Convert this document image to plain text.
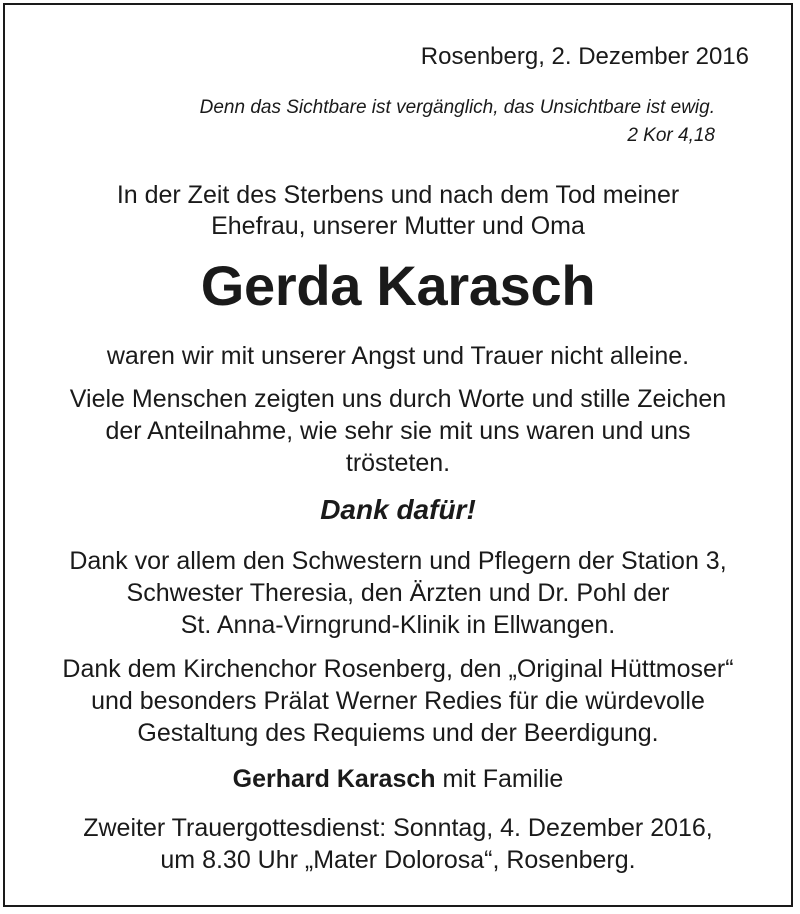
Rosenberg, 2. Dezember 2016
Denn das Sichtbare ist vergänglich, das Unsichtbare ist ewig.
2 Kor 4,18
In der Zeit des Sterbens und nach dem Tod meiner
Ehefrau, unserer Mutter und Oma
Gerda Karasch
waren wir mit unserer Angst und Trauer nicht alleine.
Viele Menschen zeigten uns durch Worte und stille Zeichen
der Anteilnahme, wie sehr sie mit uns waren und uns
trösteten.
Dank dafür!
Dank vor allem den Schwestern und Pflegern der Station 3,
Schwester Theresia, den Ärzten und Dr. Pohl der
St. Anna-Virngrund-Klinik in Ellwangen.
Dank dem Kirchenchor Rosenberg, den „Original Hüttmoser“
und besonders Prälat Werner Redies für die würdevolle
Gestaltung des Requiems und der Beerdigung.
Gerhard Karasch mit Familie
Zweiter Trauergottesdienst: Sonntag, 4. Dezember 2016,
um 8.30 Uhr „Mater Dolorosa“, Rosenberg.
